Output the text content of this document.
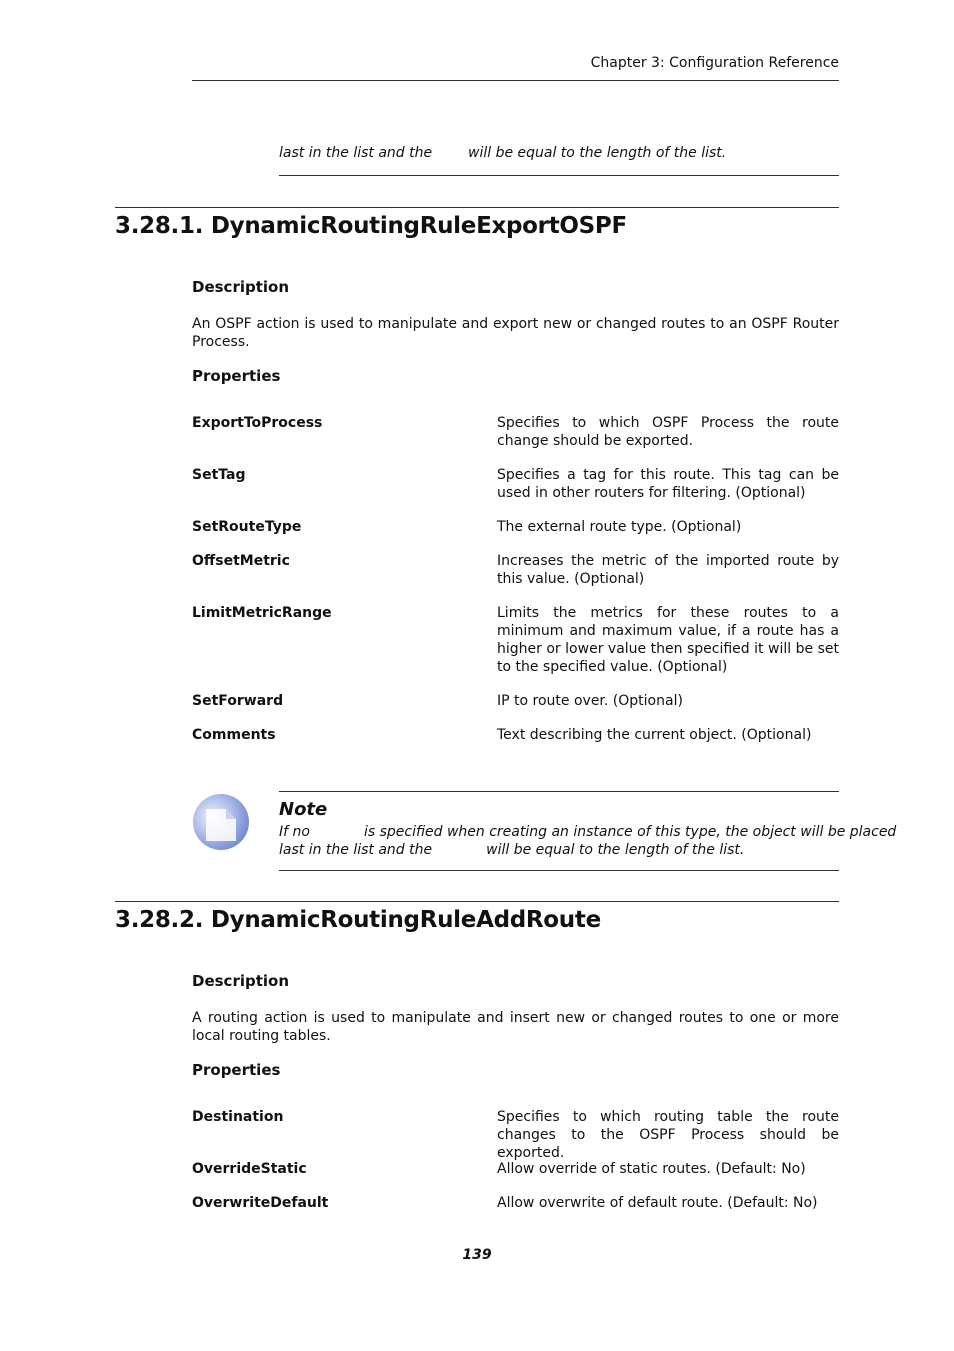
Chapter 3: Configuration Reference
last in the list and the	will be equal to the length of the list.
3.28.1. DynamicRoutingRuleExportOSPF
Description
An OSPF action is used to manipulate and export new or changed routes to an OSPF Router Process.
Properties
ExportToProcess	Specifies to which OSPF Process the route change should be exported.
SetTag	Specifies a tag for this route. This tag can be used in other routers for filtering. (Optional)
SetRouteType	The external route type. (Optional)
OffsetMetric	Increases the metric of the imported route by this value. (Optional)
LimitMetricRange	Limits the metrics for these routes to a minimum and maximum value, if a route has a higher or lower value then specified it will be set to the specified value. (Optional)
SetForward	IP to route over. (Optional)
Comments	Text describing the current object. (Optional)
Note
If no	is specified when creating an instance of this type, the object will be placed
last in the list and the	will be equal to the length of the list.
3.28.2. DynamicRoutingRuleAddRoute
Description
A routing action is used to manipulate and insert new or changed routes to one or more local routing tables.
Properties
Destination	Specifies to which routing table the route changes to the OSPF Process should be exported.
OverrideStatic	Allow override of static routes. (Default: No)
OverwriteDefault	Allow overwrite of default route. (Default: No)
139
